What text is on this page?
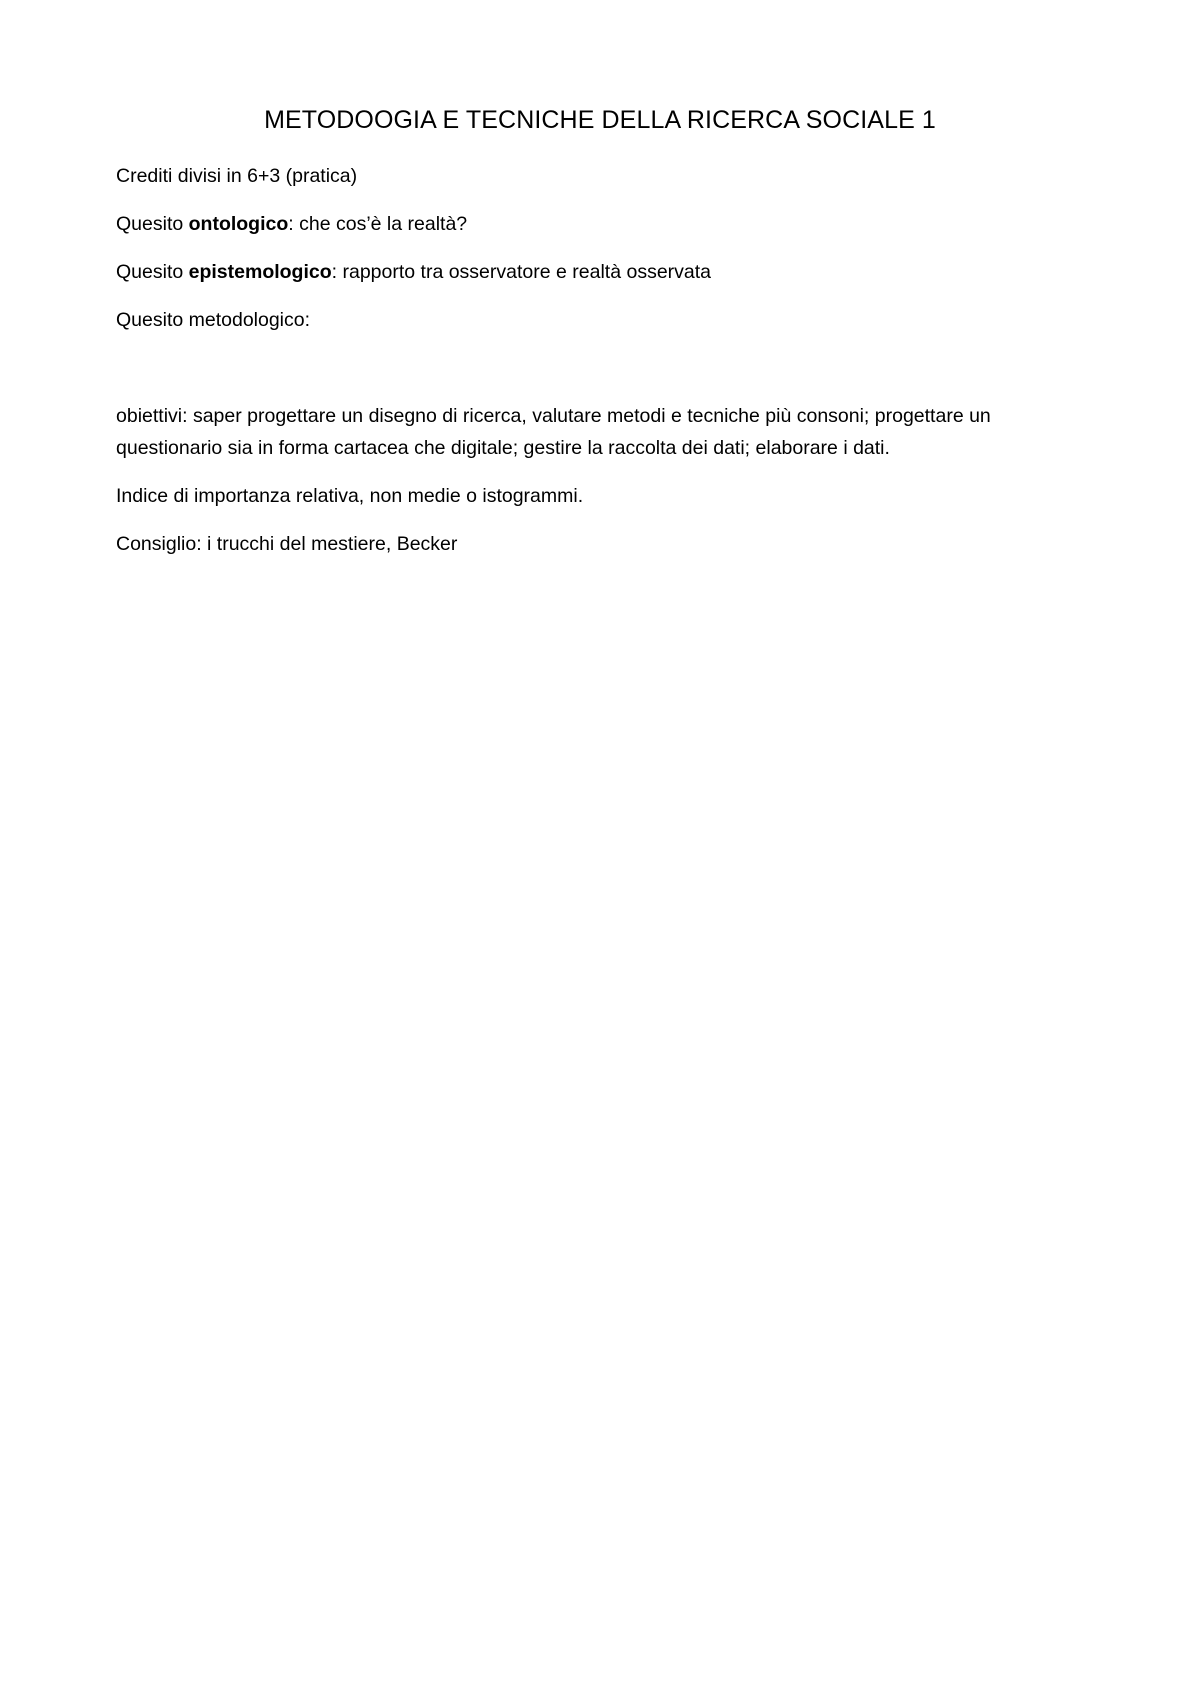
METODOOGIA E TECNICHE DELLA RICERCA SOCIALE 1

Crediti divisi in 6+3 (pratica)

Quesito ontologico: che cos’è la realtà?

Quesito epistemologico: rapporto tra osservatore e realtà osservata

Quesito metodologico:

obiettivi: saper progettare un disegno di ricerca, valutare metodi e tecniche più consoni; progettare un questionario sia in forma cartacea che digitale; gestire la raccolta dei dati; elaborare i dati.

Indice di importanza relativa, non medie o istogrammi.

Consiglio: i trucchi del mestiere, Becker
